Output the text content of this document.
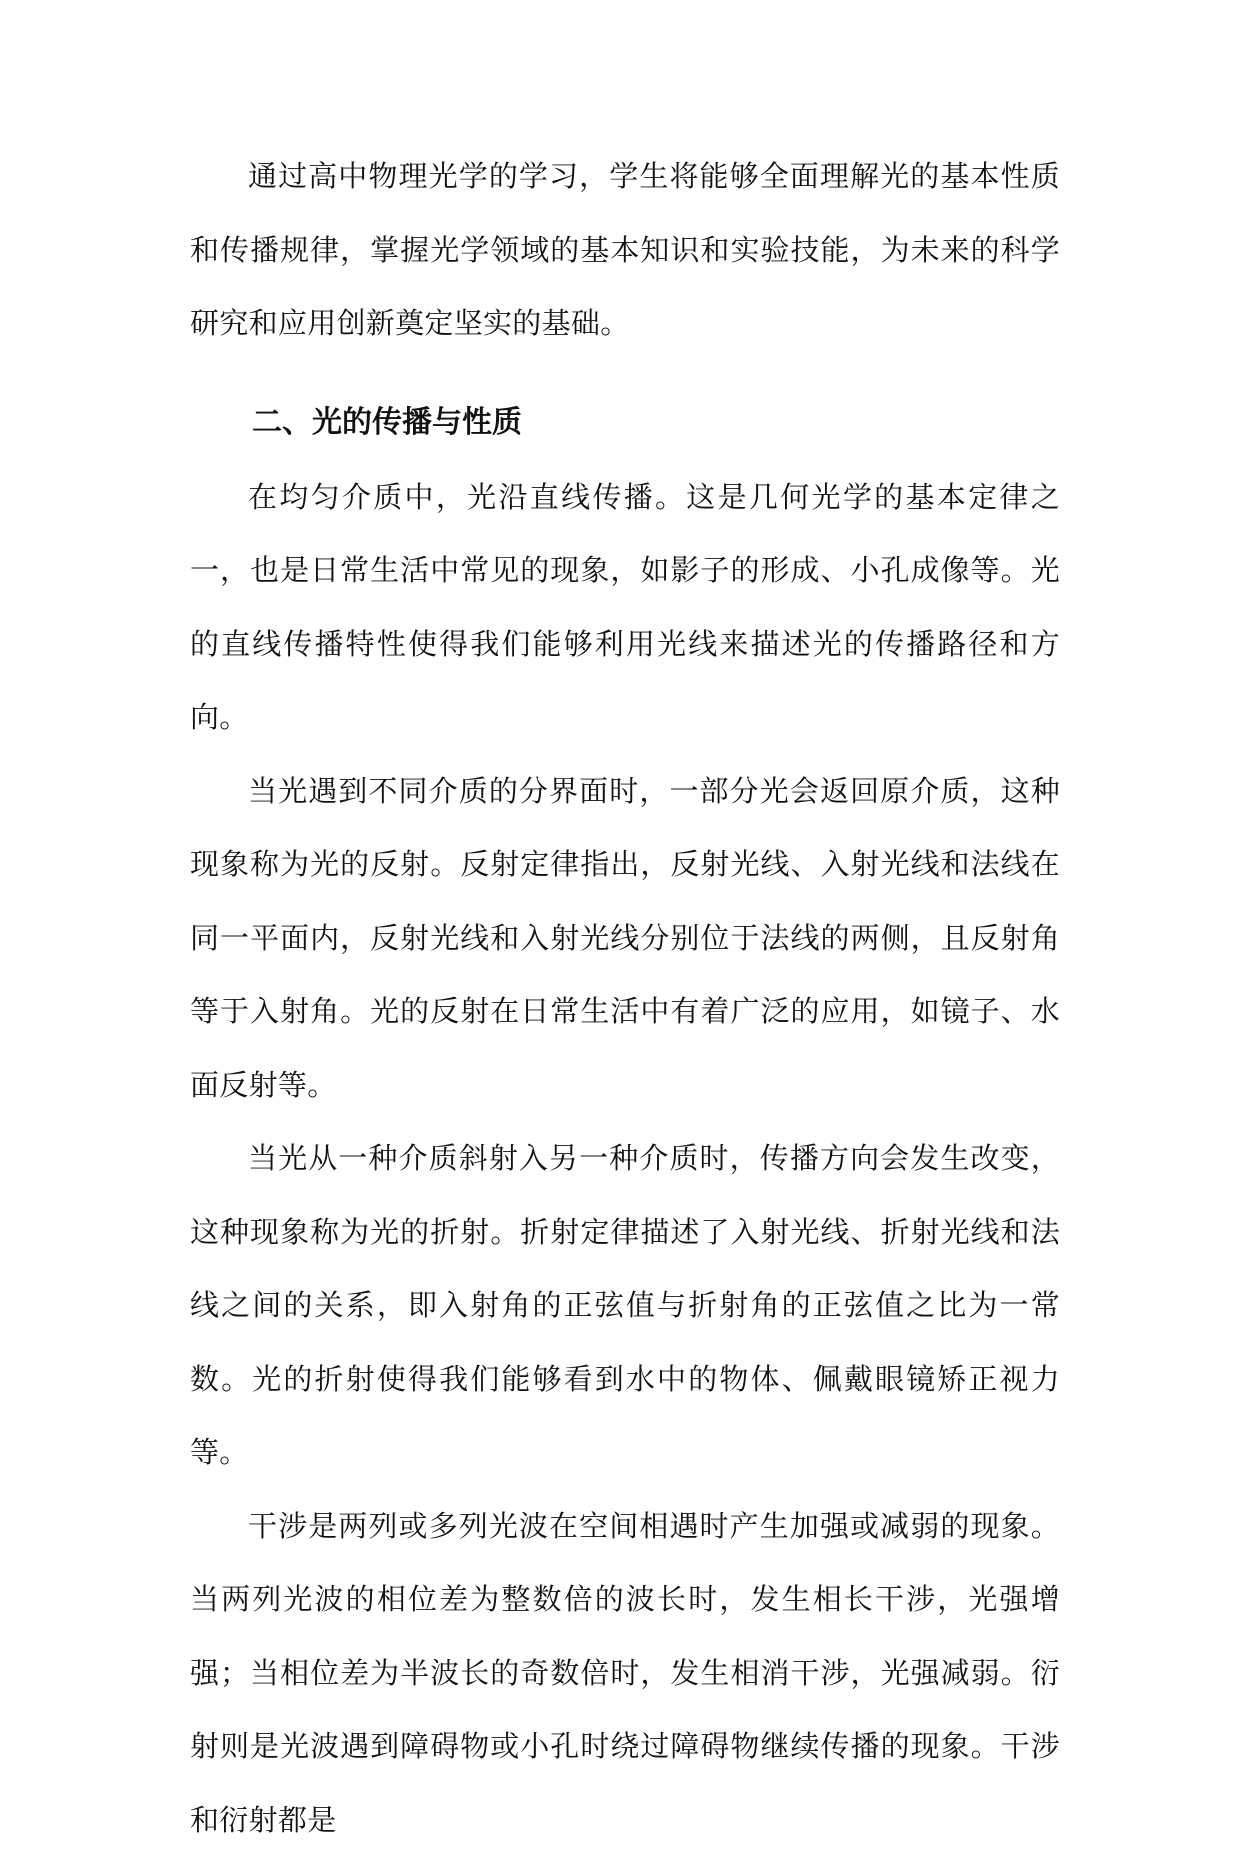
通过高中物理光学的学习，学生将能够全面理解光的基本性质和传播规律，掌握光学领域的基本知识和实验技能，为未来的科学研究和应用创新奠定坚实的基础。

二、光的传播与性质

在均匀介质中，光沿直线传播。这是几何光学的基本定律之一，也是日常生活中常见的现象，如影子的形成、小孔成像等。光的直线传播特性使得我们能够利用光线来描述光的传播路径和方向。

当光遇到不同介质的分界面时，一部分光会返回原介质，这种现象称为光的反射。反射定律指出，反射光线、入射光线和法线在同一平面内，反射光线和入射光线分别位于法线的两侧，且反射角等于入射角。光的反射在日常生活中有着广泛的应用，如镜子、水面反射等。

当光从一种介质斜射入另一种介质时，传播方向会发生改变，这种现象称为光的折射。折射定律描述了入射光线、折射光线和法线之间的关系，即入射角的正弦值与折射角的正弦值之比为一常数。光的折射使得我们能够看到水中的物体、佩戴眼镜矫正视力等。

干涉是两列或多列光波在空间相遇时产生加强或减弱的现象。当两列光波的相位差为整数倍的波长时，发生相长干涉，光强增强；当相位差为半波长的奇数倍时，发生相消干涉，光强减弱。衍射则是光波遇到障碍物或小孔时绕过障碍物继续传播的现象。干涉和衍射都是
